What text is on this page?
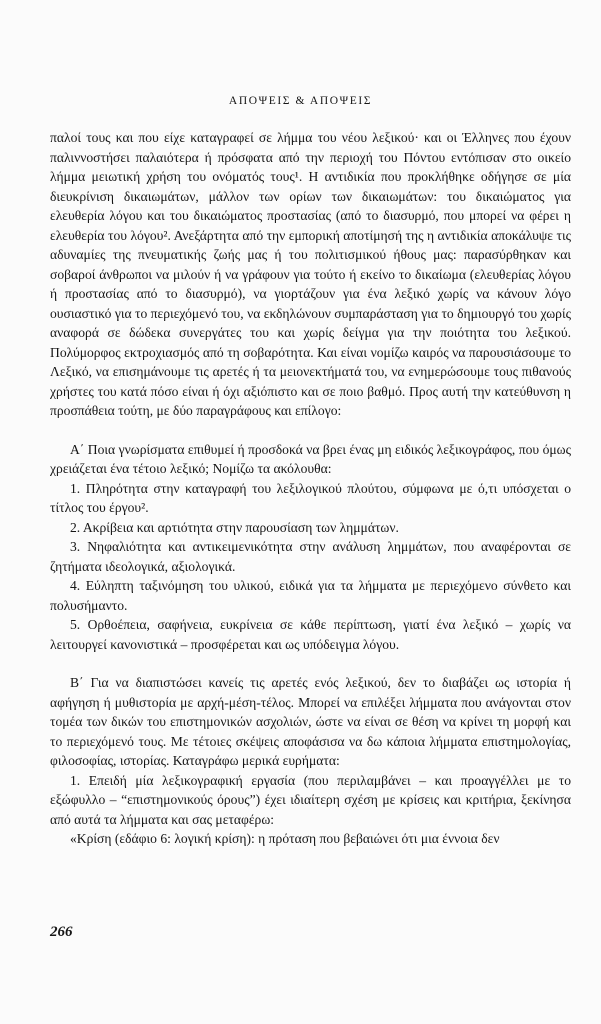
ΑΠΟΨΕΙΣ & ΑΠΟΨΕΙΣ

παλοί τους και που είχε καταγραφεί σε λήμμα του νέου λεξικού· και οι Έλληνες που έχουν παλιννοστήσει παλαιότερα ή πρόσφατα από την περιοχή του Πόντου εντόπισαν στο οικείο λήμμα μειωτική χρήση του ονόματός τους¹. Η αντιδικία που προκλήθηκε οδήγησε σε μία διευκρίνιση δικαιωμάτων, μάλλον των ορίων των δικαιωμάτων: του δικαιώματος για ελευθερία λόγου και του δικαιώματος προστασίας (από το διασυρμό, που μπορεί να φέρει η ελευθερία του λόγου². Ανεξάρτητα από την εμπορική αποτίμησή της η αντιδικία αποκάλυψε τις αδυναμίες της πνευματικής ζωής μας ή του πολιτισμικού ήθους μας: παρασύρθηκαν και σοβαροί άνθρωποι να μιλούν ή να γράφουν για τούτο ή εκείνο το δικαίωμα (ελευθερίας λόγου ή προστασίας από το διασυρμό), να γιορτάζουν για ένα λεξικό χωρίς να κάνουν λόγο ουσιαστικό για το περιεχόμενό του, να εκδηλώνουν συμπαράσταση για το δημιουργό του χωρίς αναφορά σε δώδεκα συνεργάτες του και χωρίς δείγμα για την ποιότητα του λεξικού. Πολύμορφος εκτροχιασμός από τη σοβαρότητα. Και είναι νομίζω καιρός να παρουσιάσουμε το Λεξικό, να επισημάνουμε τις αρετές ή τα μειονεκτήματά του, να ενημερώσουμε τους πιθανούς χρήστες του κατά πόσο είναι ή όχι αξιόπιστο και σε ποιο βαθμό. Προς αυτή την κατεύθυνση η προσπάθεια τούτη, με δύο παραγράφους και επίλογο:

Α΄ Ποια γνωρίσματα επιθυμεί ή προσδοκά να βρει ένας μη ειδικός λεξικογράφος, που όμως χρειάζεται ένα τέτοιο λεξικό; Νομίζω τα ακόλουθα:

1. Πληρότητα στην καταγραφή του λεξιλογικού πλούτου, σύμφωνα με ό,τι υπόσχεται ο τίτλος του έργου².

2. Ακρίβεια και αρτιότητα στην παρουσίαση των λημμάτων.

3. Νηφαλιότητα και αντικειμενικότητα στην ανάλυση λημμάτων, που αναφέρονται σε ζητήματα ιδεολογικά, αξιολογικά.

4. Εύληπτη ταξινόμηση του υλικού, ειδικά για τα λήμματα με περιεχόμενο σύνθετο και πολυσήμαντο.

5. Ορθοέπεια, σαφήνεια, ευκρίνεια σε κάθε περίπτωση, γιατί ένα λεξικό – χωρίς να λειτουργεί κανονιστικά – προσφέρεται και ως υπόδειγμα λόγου.

Β΄ Για να διαπιστώσει κανείς τις αρετές ενός λεξικού, δεν το διαβάζει ως ιστορία ή αφήγηση ή μυθιστορία με αρχή-μέση-τέλος. Μπορεί να επιλέξει λήμματα που ανάγονται στον τομέα των δικών του επιστημονικών ασχολιών, ώστε να είναι σε θέση να κρίνει τη μορφή και το περιεχόμενό τους. Με τέτοιες σκέψεις αποφάσισα να δω κάποια λήμματα επιστημολογίας, φιλοσοφίας, ιστορίας. Καταγράφω μερικά ευρήματα:

1. Επειδή μία λεξικογραφική εργασία (που περιλαμβάνει – και προαγγέλλει με το εξώφυλλο – “επιστημονικούς όρους”) έχει ιδιαίτερη σχέση με κρίσεις και κριτήρια, ξεκίνησα από αυτά τα λήμματα και σας μεταφέρω:

«Κρίση (εδάφιο 6: λογική κρίση): η πρόταση που βεβαιώνει ότι μια έννοια δεν

266
